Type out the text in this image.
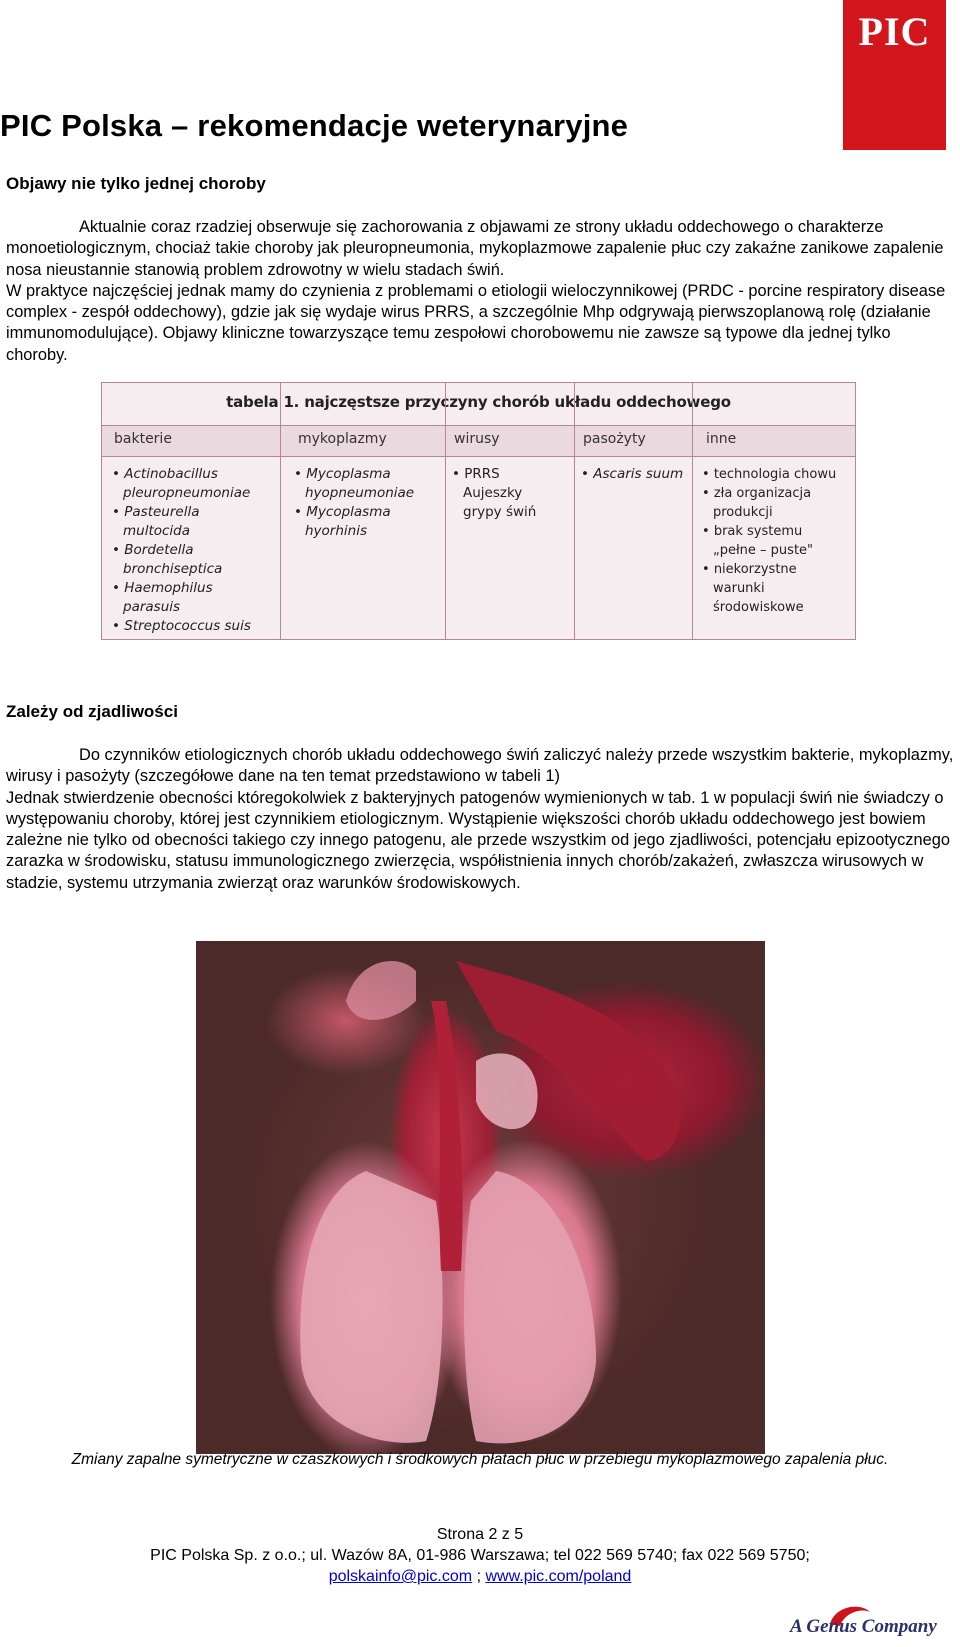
PIC
PIC Polska – rekomendacje weterynaryjne
Objawy nie tylko jednej choroby

Aktualnie coraz rzadziej obserwuje się zachorowania z objawami ze strony układu oddechowego o charakterze monoetiologicznym, chociaż takie choroby jak pleuropneumonia, mykoplazmowe zapalenie płuc czy zakaźne zanikowe zapalenie nosa nieustannie stanowią problem zdrowotny w wielu stadach świń.

W praktyce najczęściej jednak mamy do czynienia z problemami o etiologii wieloczynnikowej (PRDC - porcine respiratory disease complex - zespół oddechowy), gdzie jak się wydaje wirus PRRS, a szczególnie Mhp odgrywają pierwszoplanową rolę (działanie immunomodulujące). Objawy kliniczne towarzyszące temu zespołowi chorobowemu nie zawsze są typowe dla jednej tylko choroby.

tabela 1. najczęstsze przyczyny chorób układu oddechowego
bakterie	mykoplazmy	wirusy	pasożyty	inne
• Actinobacillus
pleuropneumoniae
• Pasteurella
multocida
• Bordetella
bronchiseptica
• Haemophilus
parasuis
• Streptococcus suis
• Mycoplasma
hyopneumoniae
• Mycoplasma
hyorhinis
• PRRS
Aujeszky
grypy świń
• Ascaris suum
•	technologia chowu
• zła organizacja
produkcji
• brak systemu
„pełne – puste"
• niekorzystne
warunki
środowiskowe
Zależy od zjadliwości

Do czynników etiologicznych chorób układu oddechowego świń zaliczyć należy przede wszystkim bakterie, mykoplazmy, wirusy i pasożyty (szczegółowe dane na ten temat przedstawiono w tabeli 1)

Jednak stwierdzenie obecności któregokolwiek z bakteryjnych patogenów wymienionych w tab. 1 w populacji świń nie świadczy o występowaniu choroby, której jest czynnikiem etiologicznym. Wystąpienie większości chorób układu oddechowego jest bowiem zależne nie tylko od obecności takiego czy innego patogenu, ale przede wszystkim od jego zjadliwości, potencjału epizootycznego zarazka w środowisku, statusu immunologicznego zwierzęcia, współistnienia innych chorób/zakażeń, zwłaszcza wirusowych w stadzie, systemu utrzymania zwierząt oraz warunków środowiskowych.

Zmiany zapalne symetryczne w czaszkowych i środkowych płatach płuc w przebiegu mykoplazmowego zapalenia płuc.

Strona 2 z 5
PIC Polska Sp. z o.o.; ul. Wazów 8A, 01-986 Warszawa; tel 022 569 5740; fax 022 569 5750;
polskainfo@pic.com ; www.pic.com/poland
A Genus Company
